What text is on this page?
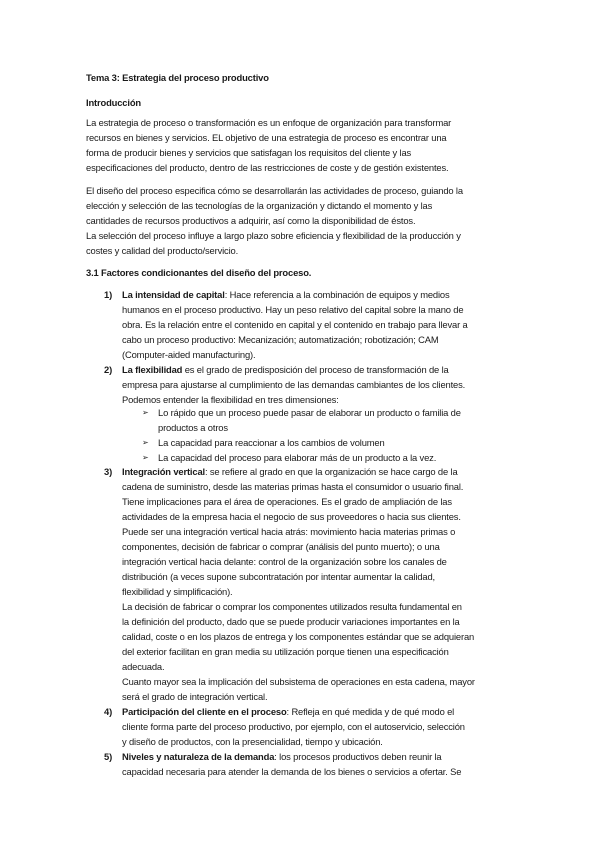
Tema 3: Estrategia del proceso productivo
Introducción
La estrategia de proceso o transformación es un enfoque de organización para transformar
recursos en bienes y servicios. EL objetivo de una estrategia de proceso es encontrar una
forma de producir bienes y servicios que satisfagan los requisitos del cliente y las
especificaciones del producto, dentro de las restricciones de coste y de gestión existentes.
El diseño del proceso especifica cómo se desarrollarán las actividades de proceso, guiando la
elección y selección de las tecnologías de la organización y dictando el momento y las
cantidades de recursos productivos a adquirir, así como la disponibilidad de éstos.
La selección del proceso influye a largo plazo sobre eficiencia y flexibilidad de la producción y
costes y calidad del producto/servicio.
3.1 Factores condicionantes del diseño del proceso.
1) La intensidad de capital: Hace referencia a la combinación de equipos y medios
humanos en el proceso productivo. Hay un peso relativo del capital sobre la mano de
obra. Es la relación entre el contenido en capital y el contenido en trabajo para llevar a
cabo un proceso productivo: Mecanización; automatización; robotización; CAM
(Computer-aided manufacturing).
2) La flexibilidad es el grado de predisposición del proceso de transformación de la
empresa para ajustarse al cumplimiento de las demandas cambiantes de los clientes.
Podemos entender la flexibilidad en tres dimensiones:
➢ Lo rápido que un proceso puede pasar de elaborar un producto o familia de
productos a otros
➢ La capacidad para reaccionar a los cambios de volumen
➢ La capacidad del proceso para elaborar más de un producto a la vez.
3) Integración vertical: se refiere al grado en que la organización se hace cargo de la
cadena de suministro, desde las materias primas hasta el consumidor o usuario final.
Tiene implicaciones para el área de operaciones. Es el grado de ampliación de las
actividades de la empresa hacia el negocio de sus proveedores o hacia sus clientes.
Puede ser una integración vertical hacia atrás: movimiento hacia materias primas o
componentes, decisión de fabricar o comprar (análisis del punto muerto); o una
integración vertical hacia delante: control de la organización sobre los canales de
distribución (a veces supone subcontratación por intentar aumentar la calidad,
flexibilidad y simplificación).
La decisión de fabricar o comprar los componentes utilizados resulta fundamental en
la definición del producto, dado que se puede producir variaciones importantes en la
calidad, coste o en los plazos de entrega y los componentes estándar que se adquieran
del exterior facilitan en gran media su utilización porque tienen una especificación
adecuada.
Cuanto mayor sea la implicación del subsistema de operaciones en esta cadena, mayor
será el grado de integración vertical.
4) Participación del cliente en el proceso: Refleja en qué medida y de qué modo el
cliente forma parte del proceso productivo, por ejemplo, con el autoservicio, selección
y diseño de productos, con la presencialidad, tiempo y ubicación.
5) Niveles y naturaleza de la demanda: los procesos productivos deben reunir la
capacidad necesaria para atender la demanda de los bienes o servicios a ofertar. Se
